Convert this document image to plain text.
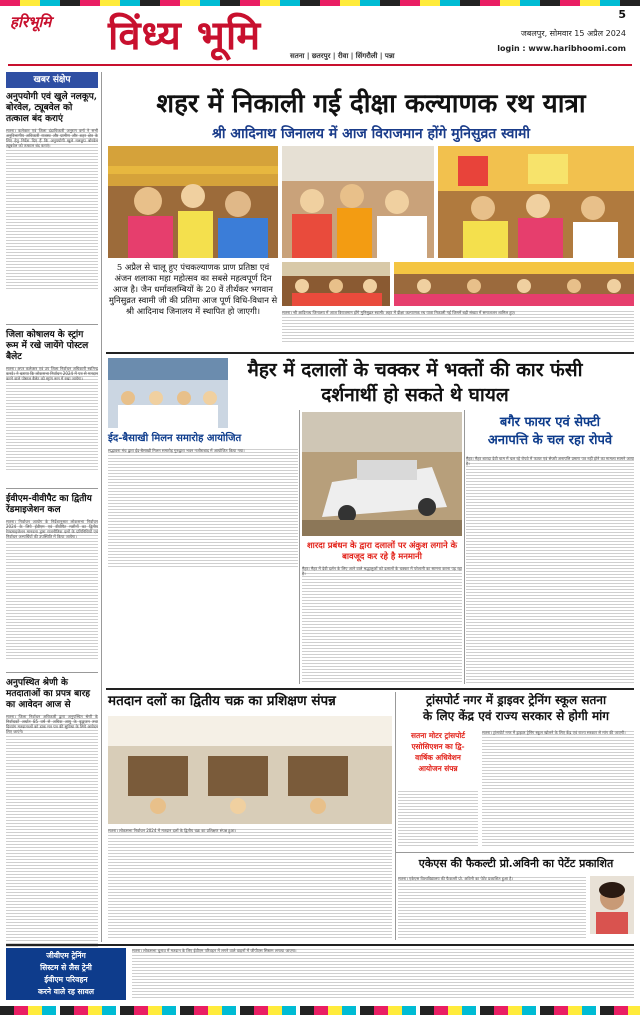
हरिभूमि विंध्य भूमि	5
जबलपुर, सोमवार 15 अप्रैल 2024
login : www.haribhoomi.com
सतना | छतरपुर | रीवा | सिंगरौली | पन्ना
खबर संक्षेप
अनुपयोगी एवं खुले नलकूप, बोरवेल, ट्यूबवेल को तत्काल बंद कराएं
सतना। कलेक्टर एवं जिला दंडाधिकारी अनुराग वर्मा ने सभी अनुविभागीय अधिकारी राजस्व और ग्रामीण और शहर क्षेत्र के लिए हेतु निर्देश दिए हैं कि अनुपयोगी खुले नलकूप बोरवेल ट्यूबवेल को तत्काल बंद कराएं।
जिला कोषालय के स्ट्रांग रूम में रखे जायेंगे पोस्टल बैलेट
सतना। अपर कलेक्टर एवं उप जिला निर्वाचन अधिकारी स्वतिन्द्र कनडे। ने बताया कि लोकसभा निर्वाचन 2024 में पत्र से मतदान करने वाले पोस्टल बैलेट को स्ट्रांग रूम में रखा जायेगा।
ईवीएम-वीवीपैट का द्वितीय रेंडमाइजेशन कल
सतना। निर्वाचन आयोग के निर्देशानुसार लोकसभा निर्वाचन 2024 के लिये ईवीएम एवं वीवीपैट मशीनों का द्वितीय रेण्डमाइजेशन मानवता द्वारा राजनीतिक दलों के प्रतिनिधियों एवं निर्वाचन अभ्यर्थियों की उपस्थिति में किया जायेगा।
अनुपस्थित श्रेणी के मतदाताओं का प्रपत्र बारह का आवेदन आज से
सतना। जिला निर्वाचन अधिकारी द्वारा अनुपस्थित श्रेणी के निर्वाचकों अर्थात 85 वर्ष से अधिक आयु के वृद्धजन तथा दिव्यांग मतदाताओं को डाक मत पत्र की सुविधा के लिये आवेदन लिए जाएंगे।
शहर में निकाली गई दीक्षा कल्याणक रथ यात्रा
श्री आदिनाथ जिनालय में आज विराजमान होंगे मुनिसुव्रत स्वामी
5 अप्रैल से चालू हुए पंचकल्याणक प्राण प्रतिष्ठा एवं अंजन शलाका महा महोत्सव का सबसे महत्वपूर्ण दिन आज है। जैन धर्मावलम्बियों के 20 वें तीर्थंकर भगवान मुनिसुव्रत स्वामी जी की प्रतिमा आज पूर्ण विधि-विधान से श्री आदिनाथ जिनालय में स्थापित हो जाएगी।	सतना। श्री आदिनाथ जिनालय में आज विराजमान होंगे मुनिसुव्रत स्वामी। शहर में दीक्षा कल्याणक रथ यात्रा निकाली गई जिसमें बड़ी संख्या में समाजजन शामिल हुए।
मैहर में दलालों के चक्कर में भक्तों की कार फंसी
दर्शनार्थी हो सकते थे घायल
ईद-बैसाखी मिलन समारोह आयोजित
सद्भावना मंच द्वारा ईद-बैसाखी मिलन समारोह गुरुद्वारा भवन नजीराबाद में आयोजित किया गया।
शारदा प्रबंधन के द्वारा दलालों पर अंकुश लगाने के बावजूद कर रहे है मनमानी
मैहर। मैहर में देवी दर्शन के लिए आने वाले श्रद्धालुओं को दलालों के चक्कर में परेशानी का सामना करना पड़ रहा है।
बगैर फायर एवं सेफ्टी
अनापत्ति के चल रहा रोपवे
मैहर। मैहर शारदा देवी धाम में चल रहे रोपवे में फायर एवं सेफ्टी अनापत्ति प्रमाण पत्र नहीं होने का मामला सामने आया है।
मतदान दलों का द्वितीय चक्र का प्रशिक्षण संपन्न
सतना। लोकसभा निर्वाचन 2024 में मतदान दलों के द्वितीय चक्र का प्रशिक्षण संपन्न हुआ।
ट्रांसपोर्ट नगर में ड्राइवर ट्रेनिंग स्कूल सतना
के लिए केंद्र एवं राज्य सरकार से होगी मांग
सतना मोटर ट्रांसपोर्ट
एसोसिएशन का द्वि-
वार्षिक अधिवेशन
आयोजन संपन्न
सतना। ट्रांसपोर्ट नगर में ड्राइवर ट्रेनिंग स्कूल खोलने के लिए केंद्र एवं राज्य सरकार से मांग की जाएगी।
एकेएस की फैकल्टी प्रो.अविनी का पेटेंट प्रकाशित
सतना। एकेएस विश्वविद्यालय की फैकल्टी प्रो. अविनी का पेटेंट प्रकाशित हुआ है।
जीवीएम ट्रेनिंग
सिस्टम से लैस ट्रेनी
ईवीएम परिवहन
करने वाले रह सावल
सतना। लोकसभा चुनाव में मतदान के लिए ईवीएम परिवहन में लगने वाले वाहनों में जीपीएस सिस्टम लगाया जाएगा।
